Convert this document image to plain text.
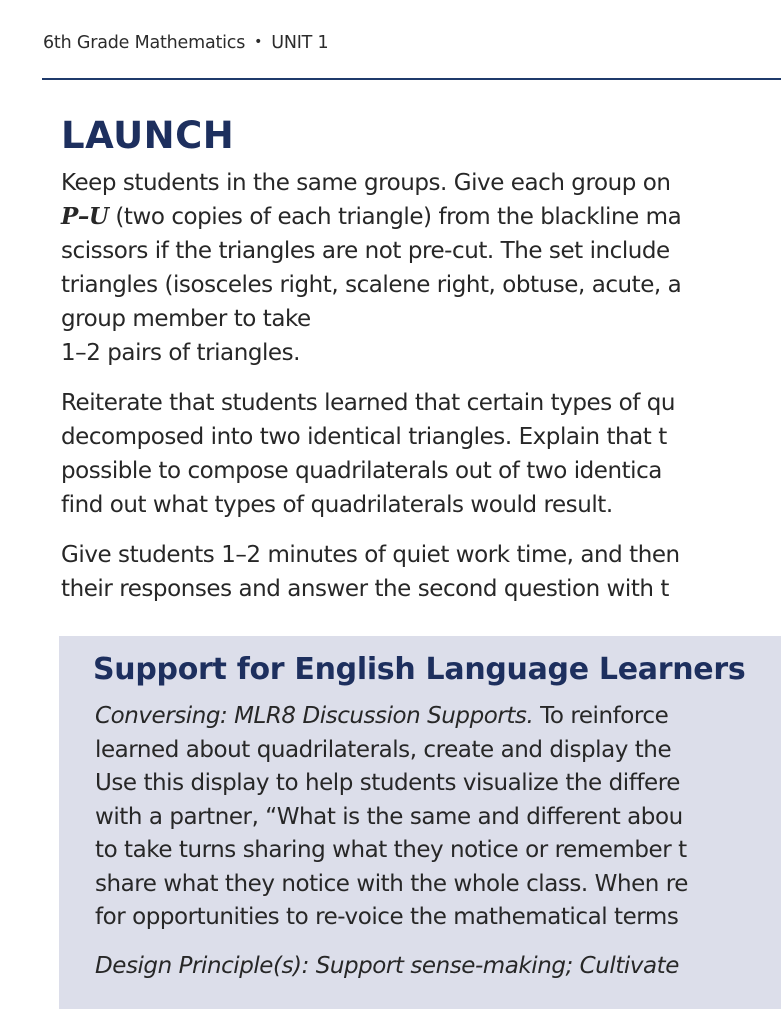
6th Grade Mathematics • UNIT 1
LAUNCH

Keep students in the same groups. Give each group on
P–U (two copies of each triangle) from the blackline ma
scissors if the triangles are not pre-cut. The set include
triangles (isosceles right, scalene right, obtuse, acute, a
group member to take
1–2 pairs of triangles.

Reiterate that students learned that certain types of qu
decomposed into two identical triangles. Explain that t
possible to compose quadrilaterals out of two identica
find out what types of quadrilaterals would result.

Give students 1–2 minutes of quiet work time, and then
their responses and answer the second question with t

Support for English Language Learners
Conversing: MLR8 Discussion Supports. To reinforce
learned about quadrilaterals, create and display the
Use this display to help students visualize the differe
with a partner, “What is the same and different abou
to take turns sharing what they notice or remember t
share what they notice with the whole class. When re
for opportunities to re-voice the mathematical terms
Design Principle(s): Support sense-making; Cultivate
